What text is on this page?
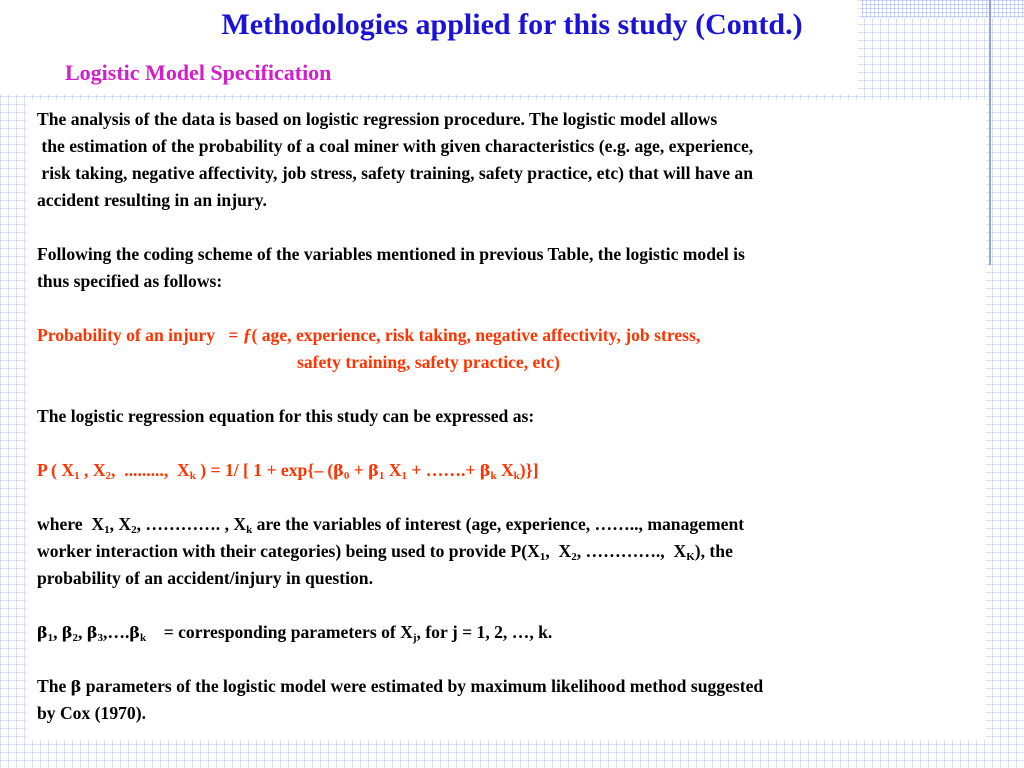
Methodologies applied for this study (Contd.)
Logistic Model Specification
The analysis of the data is based on logistic regression procedure. The logistic model allows
the estimation of the probability of a coal miner with given characteristics (e.g. age, experience,
risk taking, negative affectivity, job stress, safety training, safety practice, etc) that will have an
accident resulting in an injury.
Following the coding scheme of the variables mentioned in previous Table, the logistic model is
thus specified as follows:
Probability of an injury   = ƒ( age, experience, risk taking, negative affectivity, job stress,
safety training, safety practice, etc)
The logistic regression equation for this study can be expressed as:
P ( $X_1$ , $X_2$,  .........,  $X_k$ ) = 1/ [ 1 + exp{– ($\beta_0 + \beta_1$ $X_1$ + …….+ $\beta_k$ $X_k$)}]
where  $X_1$, $X_2$, …………. , $X_k$ are the variables of interest (age, experience, …….., management
worker interaction with their categories) being used to provide $P(X_1$,  $X_2$, ………….,  $X_K$), the
probability of an accident/injury in question.
$\beta_1$, $\beta_2$, $\beta_3,\dots.\beta_k$    = corresponding parameters of $X_j$, for j = 1, 2, …, k.
The β parameters of the logistic model were estimated by maximum likelihood method suggested
by Cox (1970).
